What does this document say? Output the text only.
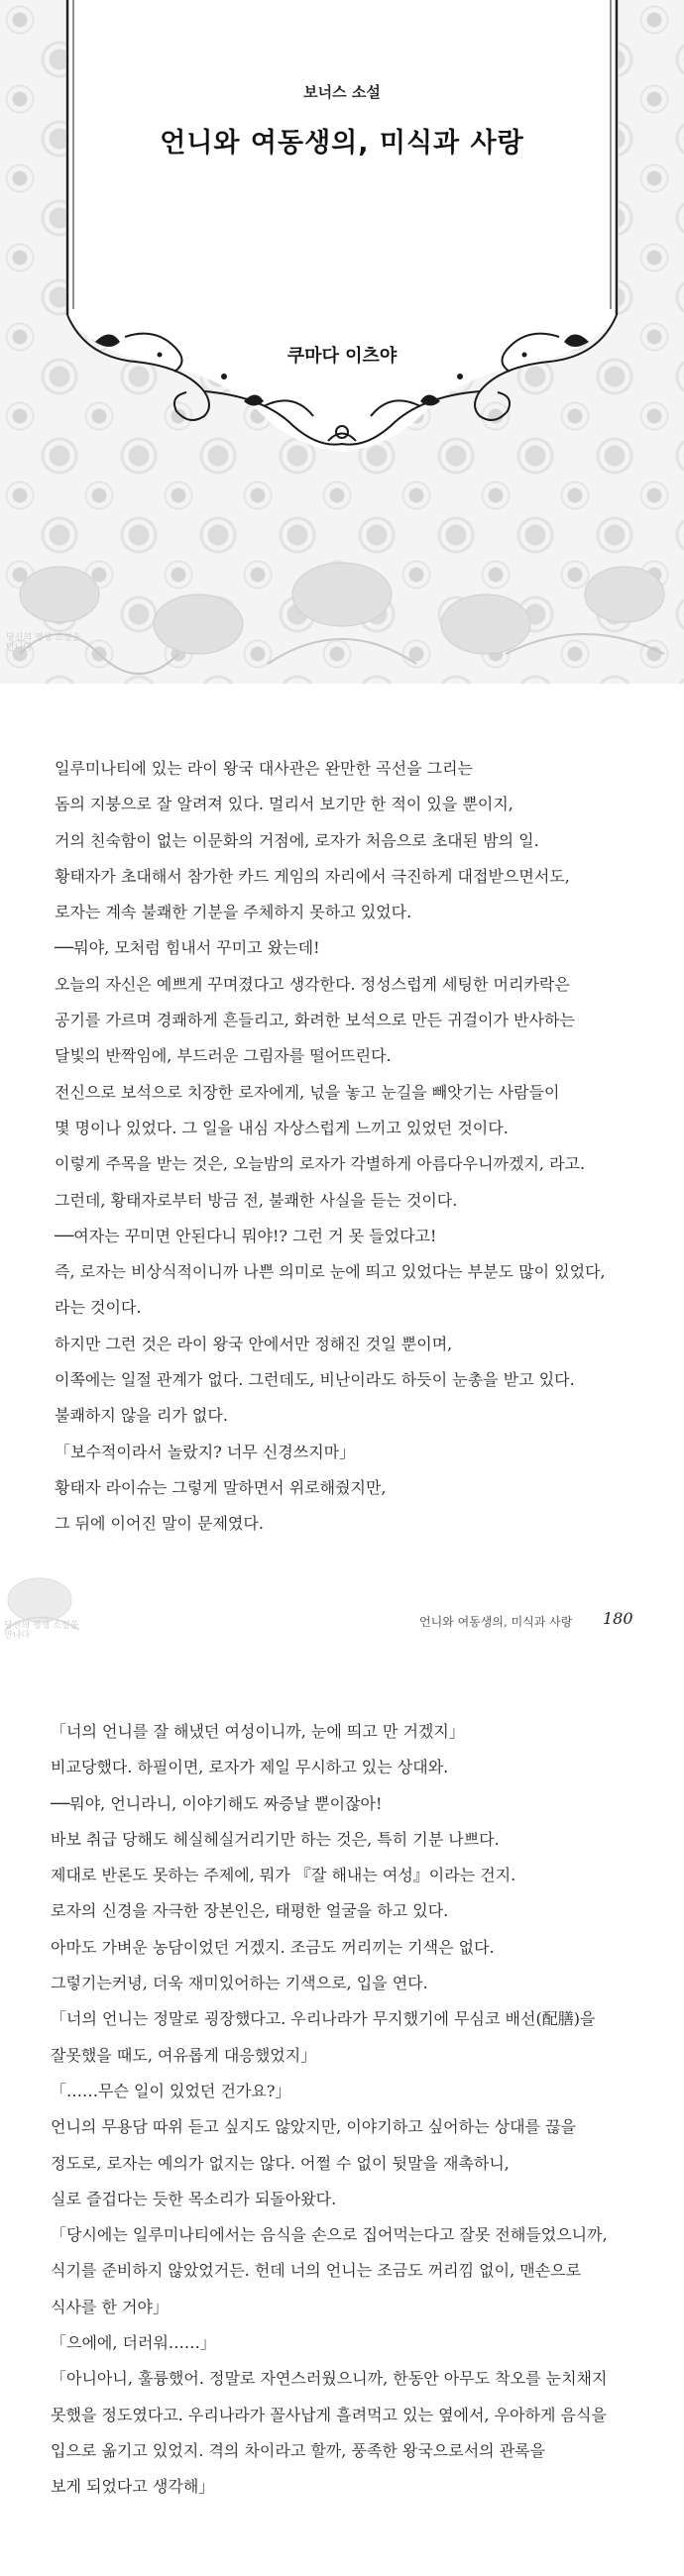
당신의 평생 소설을
만나다
보너스 소설
언니와 여동생의, 미식과 사랑
쿠마다 이츠야

일루미나티에 있는 라이 왕국 대사관은 완만한 곡선을 그리는

돔의 지붕으로 잘 알려져 있다. 멀리서 보기만 한 적이 있을 뿐이지,

거의 친숙함이 없는 이문화의 거점에, 로자가 처음으로 초대된 밤의 일.

황태자가 초대해서 참가한 카드 게임의 자리에서 극진하게 대접받으면서도,

로자는 계속 불쾌한 기분을 주체하지 못하고 있었다.

──뭐야, 모처럼 힘내서 꾸미고 왔는데!

오늘의 자신은 예쁘게 꾸며졌다고 생각한다. 정성스럽게 세팅한 머리카락은

공기를 가르며 경쾌하게 흔들리고, 화려한 보석으로 만든 귀걸이가 반사하는

달빛의 반짝임에, 부드러운 그림자를 떨어뜨린다.

전신으로 보석으로 치장한 로자에게, 넋을 놓고 눈길을 빼앗기는 사람들이

몇 명이나 있었다. 그 일을 내심 자상스럽게 느끼고 있었던 것이다.

이렇게 주목을 받는 것은, 오늘밤의 로자가 각별하게 아름다우니까겠지, 라고.

그런데, 황태자로부터 방금 전, 불쾌한 사실을 듣는 것이다.

──여자는 꾸미면 안된다니 뭐야!? 그런 거 못 들었다고!

즉, 로자는 비상식적이니까 나쁜 의미로 눈에 띄고 있었다는 부분도 많이 있었다,

라는 것이다.

하지만 그런 것은 라이 왕국 안에서만 정해진 것일 뿐이며,

이쪽에는 일절 관계가 없다. 그런데도, 비난이라도 하듯이 눈총을 받고 있다.

불쾌하지 않을 리가 없다.

「보수적이라서 놀랐지? 너무 신경쓰지마」

황태자 라이슈는 그렇게 말하면서 위로해줬지만,

그 뒤에 이어진 말이 문제였다.

당신의 평생 소설을
만나다
언니와 여동생의, 미식과 사랑 180

「너의 언니를 잘 해냈던 여성이니까, 눈에 띄고 만 거겠지」

비교당했다. 하필이면, 로자가 제일 무시하고 있는 상대와.

──뭐야, 언니라니, 이야기해도 짜증날 뿐이잖아!

바보 취급 당해도 헤실헤실거리기만 하는 것은, 특히 기분 나쁘다.

제대로 반론도 못하는 주제에, 뭐가 『잘 해내는 여성』이라는 건지.

로자의 신경을 자극한 장본인은, 태평한 얼굴을 하고 있다.

아마도 가벼운 농담이었던 거겠지. 조금도 꺼리끼는 기색은 없다.

그렇기는커녕, 더욱 재미있어하는 기색으로, 입을 연다.

「너의 언니는 정말로 굉장했다고. 우리나라가 무지했기에 무심코 배선(配膳)을

잘못했을 때도, 여유롭게 대응했었지」

「……무슨 일이 있었던 건가요?」

언니의 무용담 따위 듣고 싶지도 않았지만, 이야기하고 싶어하는 상대를 끊을

정도로, 로자는 예의가 없지는 않다. 어쩔 수 없이 뒷말을 재촉하니,

실로 즐겁다는 듯한 목소리가 되돌아왔다.

「당시에는 일루미나티에서는 음식을 손으로 집어먹는다고 잘못 전해들었으니까,

식기를 준비하지 않았었거든. 헌데 너의 언니는 조금도 꺼리낌 없이, 맨손으로

식사를 한 거야」

「으에에, 더러워……」

「아니아니, 훌륭했어. 정말로 자연스러웠으니까, 한동안 아무도 착오를 눈치채지

못했을 정도였다고. 우리나라가 꼴사납게 흘려먹고 있는 옆에서, 우아하게 음식을

입으로 옮기고 있었지. 격의 차이라고 할까, 풍족한 왕국으로서의 관록을

보게 되었다고 생각해」
